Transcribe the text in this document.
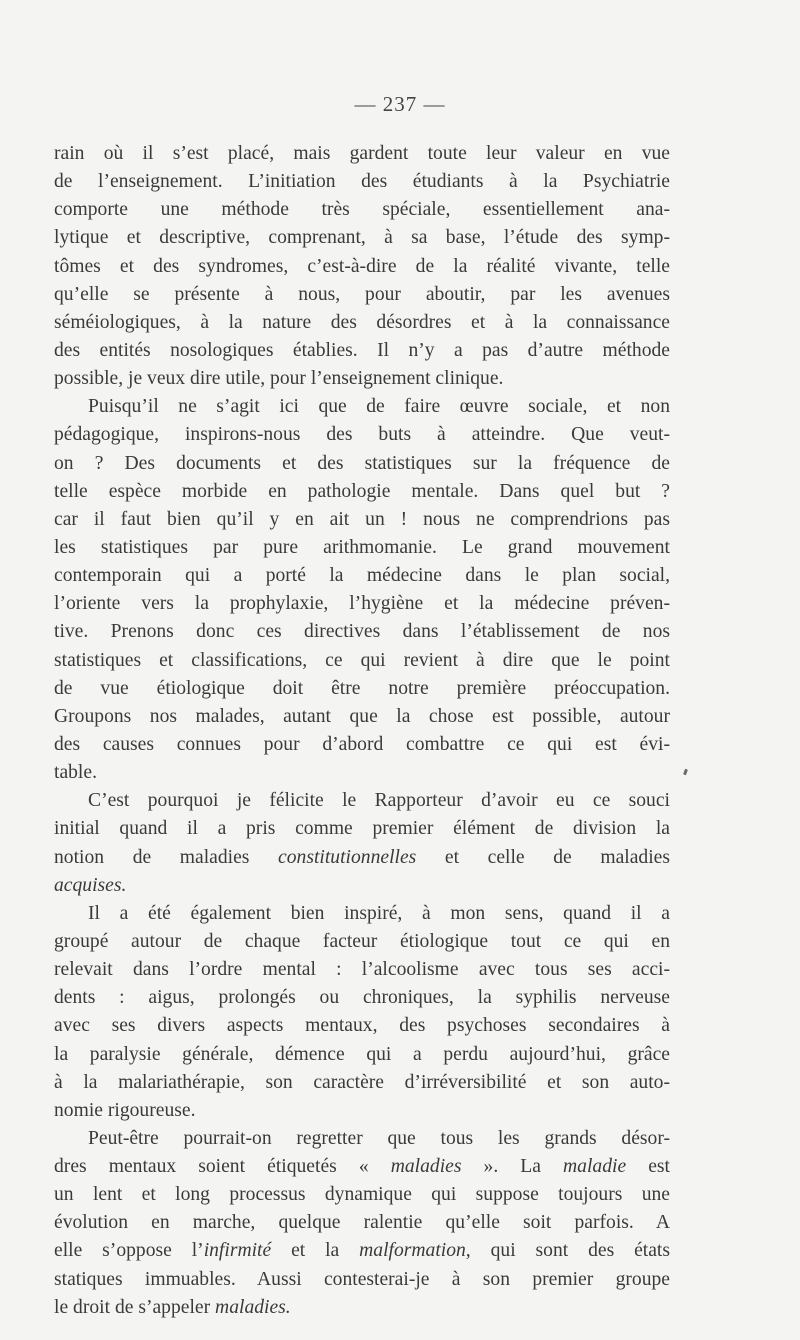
— 237 —
rain où il s’est placé, mais gardent toute leur valeur en vue
de l’enseignement. L’initiation des étudiants à la Psychiatrie
comporte une méthode très spéciale, essentiellement ana-
lytique et descriptive, comprenant, à sa base, l’étude des symp-
tômes et des syndromes, c’est-à-dire de la réalité vivante, telle
qu’elle se présente à nous, pour aboutir, par les avenues
séméiologiques, à la nature des désordres et à la connaissance
des entités nosologiques établies. Il n’y a pas d’autre méthode
possible, je veux dire utile, pour l’enseignement clinique.
Puisqu’il ne s’agit ici que de faire œuvre sociale, et non
pédagogique, inspirons-nous des buts à atteindre. Que veut-
on ? Des documents et des statistiques sur la fréquence de
telle espèce morbide en pathologie mentale. Dans quel but ?
car il faut bien qu’il y en ait un ! nous ne comprendrions pas
les statistiques par pure arithmomanie. Le grand mouvement
contemporain qui a porté la médecine dans le plan social,
l’oriente vers la prophylaxie, l’hygiène et la médecine préven-
tive. Prenons donc ces directives dans l’établissement de nos
statistiques et classifications, ce qui revient à dire que le point
de vue étiologique doit être notre première préoccupation.
Groupons nos malades, autant que la chose est possible, autour
des causes connues pour d’abord combattre ce qui est évi-
table.
C’est pourquoi je félicite le Rapporteur d’avoir eu ce souci
initial quand il a pris comme premier élément de division la
notion de maladies constitutionnelles et celle de maladies
acquises.
Il a été également bien inspiré, à mon sens, quand il a
groupé autour de chaque facteur étiologique tout ce qui en
relevait dans l’ordre mental : l’alcoolisme avec tous ses acci-
dents : aigus, prolongés ou chroniques, la syphilis nerveuse
avec ses divers aspects mentaux, des psychoses secondaires à
la paralysie générale, démence qui a perdu aujourd’hui, grâce
à la malariathérapie, son caractère d’irréversibilité et son auto-
nomie rigoureuse.
Peut-être pourrait-on regretter que tous les grands désor-
dres mentaux soient étiquetés « maladies ». La maladie est
un lent et long processus dynamique qui suppose toujours une
évolution en marche, quelque ralentie qu’elle soit parfois. A
elle s’oppose l’infirmité et la malformation, qui sont des états
statiques immuables. Aussi contesterai-je à son premier groupe
le droit de s’appeler maladies.
